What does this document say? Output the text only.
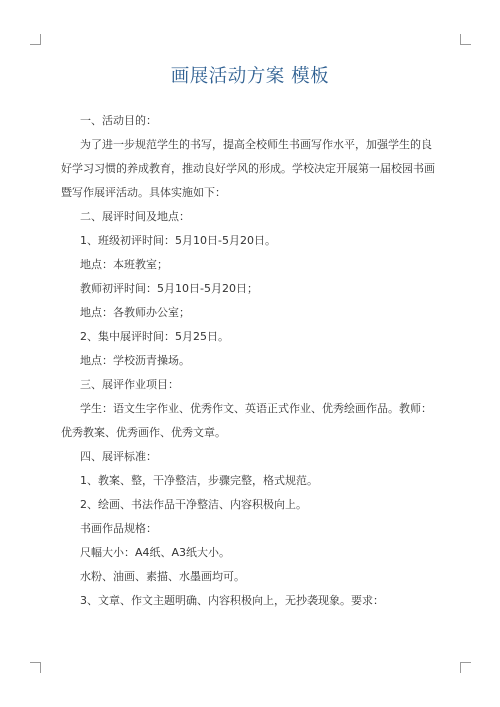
画展活动方案 模板

一、活动目的：

为了进一步规范学生的书写，提高全校师生书画写作水平，加强学生的良好学习习惯的养成教育，推动良好学风的形成。学校决定开展第一届校园书画暨写作展评活动。具体实施如下：

二、展评时间及地点：

1、班级初评时间：5月10日-5月20日。

地点：本班教室；

教师初评时间：5月10日-5月20日；

地点：各教师办公室；

2、集中展评时间：5月25日。

地点：学校沥青操场。

三、展评作业项目：

学生：语文生字作业、优秀作文、英语正式作业、优秀绘画作品。教师：优秀教案、优秀画作、优秀文章。

四、展评标准：

1、教案、整，干净整洁，步骤完整，格式规范。

2、绘画、书法作品干净整洁、内容积极向上。

书画作品规格：

尺幅大小：A4纸、A3纸大小。

水粉、油画、素描、水墨画均可。

3、文章、作文主题明确、内容积极向上，无抄袭现象。要求：
